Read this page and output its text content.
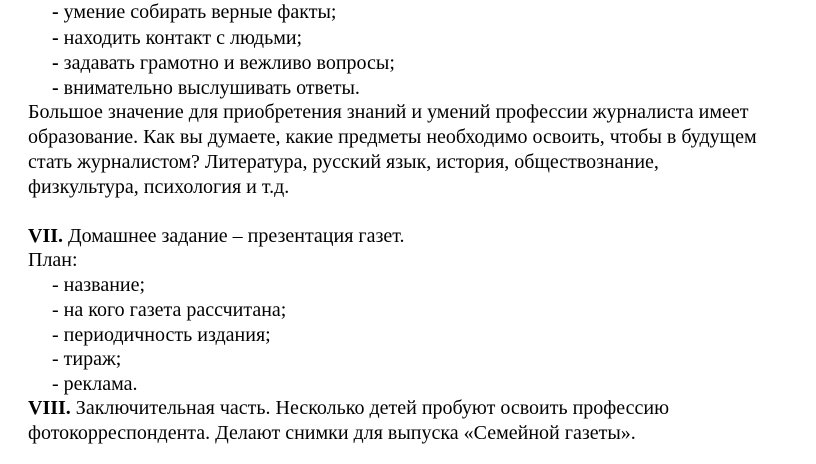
- умение собирать верные факты;
- находить контакт с людьми;
- задавать грамотно и вежливо вопросы;
- внимательно выслушивать ответы.
Большое значение для приобретения знаний и умений профессии журналиста имеет
образование. Как вы думаете, какие предметы необходимо освоить, чтобы в будущем
стать журналистом? Литература, русский язык, история, обществознание,
физкультура, психология и т.д.
VII. Домашнее задание – презентация газет.
План:
- название;
- на кого газета рассчитана;
- периодичность издания;
- тираж;
- реклама.
VIII. Заключительная часть. Несколько детей пробуют освоить профессию
фотокорреспондента. Делают снимки для выпуска «Семейной газеты».
